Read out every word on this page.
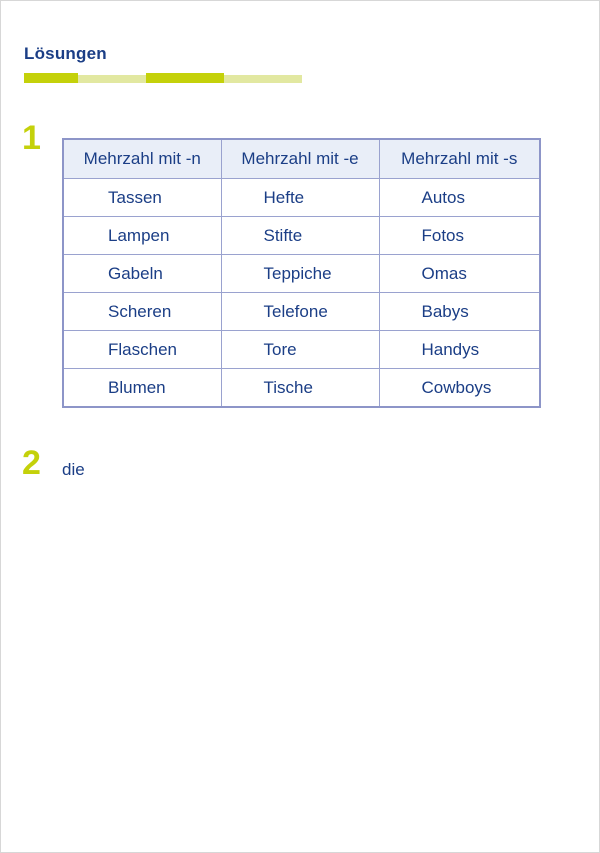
Lösungen
1
Mehrzahl mit -n	Mehrzahl mit -e	Mehrzahl mit -s
Tassen	Hefte	Autos
Lampen	Stifte	Fotos
Gabeln	Teppiche	Omas
Scheren	Telefone	Babys
Flaschen	Tore	Handys
Blumen	Tische	Cowboys
2 die
